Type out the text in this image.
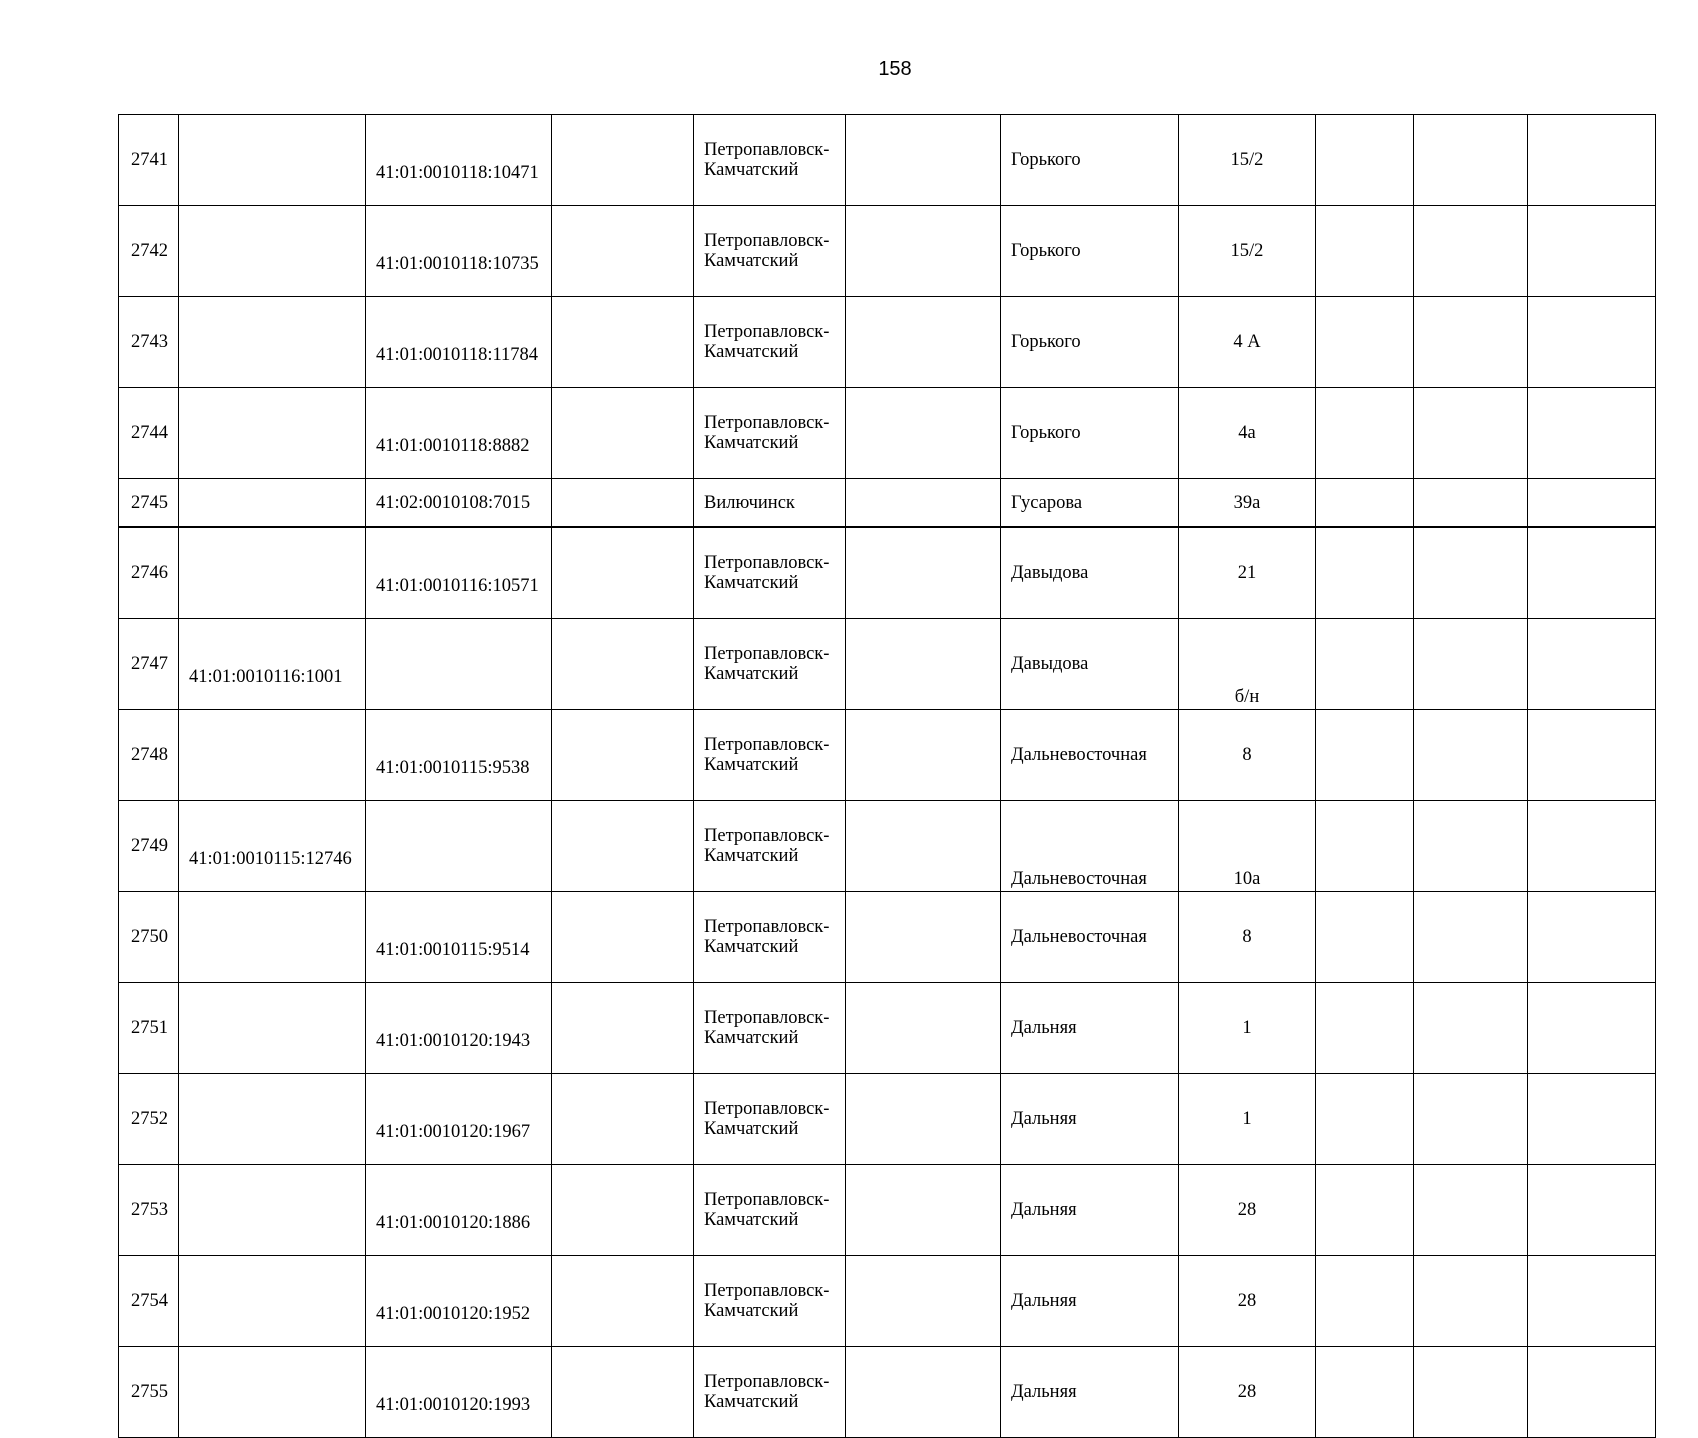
158
2741		41:01:0010118:10471		Петропавловск-Камчатский		Горького	15/2			

2742		41:01:0010118:10735		Петропавловск-Камчатский		Горького	15/2			

2743		41:01:0010118:11784		Петропавловск-Камчатский		Горького	4 А			

2744		41:01:0010118:8882		Петропавловск-Камчатский		Горького	4а			

2745		41:02:0010108:7015		Вилючинск		Гусарова	39а			

2746		41:01:0010116:10571		Петропавловск-Камчатский		Давыдова	21			

2747	41:01:0010116:1001			Петропавловск-Камчатский		Давыдова	б/н			

2748		41:01:0010115:9538		Петропавловск-Камчатский		Дальневосточная	8			

2749	41:01:0010115:12746			Петропавловск-Камчатский		Дальневосточная	10а			

2750		41:01:0010115:9514		Петропавловск-Камчатский		Дальневосточная	8			

2751		41:01:0010120:1943		Петропавловск-Камчатский		Дальняя	1			

2752		41:01:0010120:1967		Петропавловск-Камчатский		Дальняя	1			

2753		41:01:0010120:1886		Петропавловск-Камчатский		Дальняя	28			

2754		41:01:0010120:1952		Петропавловск-Камчатский		Дальняя	28			

2755		41:01:0010120:1993		Петропавловск-Камчатский		Дальняя	28			
